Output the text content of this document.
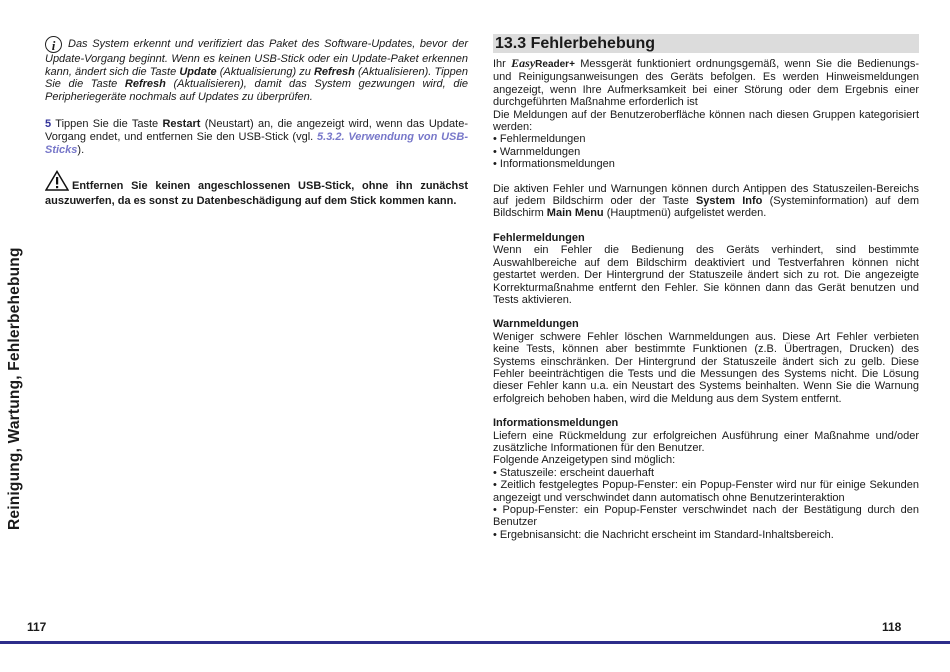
Reinigung, Wartung, Fehlerbehebung
i Das System erkennt und verifiziert das Paket des Software-Updates, bevor der Update-Vorgang beginnt. Wenn es keinen USB-Stick oder ein Update-Paket erkennen kann, ändert sich die Taste Update (Aktualisierung) zu Refresh (Aktualisieren). Tippen Sie die Taste Refresh (Aktualisieren), damit das System gezwungen wird, die Peripheriegeräte nochmals auf Updates zu überprüfen.
5 Tippen Sie die Taste Restart (Neustart) an, die angezeigt wird, wenn das Update-Vorgang endet, und entfernen Sie den USB-Stick (vgl. 5.3.2. Verwendung von USB-Sticks).
Entfernen Sie keinen angeschlossenen USB-Stick, ohne ihn zunächst auszuwerfen, da es sonst zu Datenbeschädigung auf dem Stick kommen kann.
13.3 Fehlerbehebung
Ihr EasyReader+ Messgerät funktioniert ordnungsgemäß, wenn Sie die Bedienungs- und Reinigungsanweisungen des Geräts befolgen. Es werden Hinweismeldungen angezeigt, wenn Ihre Aufmerksamkeit bei einer Störung oder dem Ergebnis einer durchgeführten Maßnahme erforderlich ist
Die Meldungen auf der Benutzeroberfläche können nach diesen Gruppen kategorisiert werden:
• Fehlermeldungen
• Warnmeldungen
• Informationsmeldungen
Die aktiven Fehler und Warnungen können durch Antippen des Statuszeilen-Bereichs auf jedem Bildschirm oder der Taste System Info (Systeminformation) auf dem Bildschirm Main Menu (Hauptmenü) aufgelistet werden.
Fehlermeldungen
Wenn ein Fehler die Bedienung des Geräts verhindert, sind bestimmte Auswahlbereiche auf dem Bildschirm deaktiviert und Testverfahren können nicht gestartet werden. Der Hintergrund der Statuszeile ändert sich zu rot. Die angezeigte Korrekturmaßnahme entfernt den Fehler. Sie können dann das Gerät benutzen und Tests aktivieren.
Warnmeldungen
Weniger schwere Fehler löschen Warnmeldungen aus. Diese Art Fehler verbieten keine Tests, können aber bestimmte Funktionen (z.B. Übertragen, Drucken) des Systems einschränken. Der Hintergrund der Statuszeile ändert sich zu gelb. Diese Fehler beeinträchtigen die Tests und die Messungen des Systems nicht. Die Lösung dieser Fehler kann u.a. ein Neustart des Systems beinhalten. Wenn Sie die Warnung erfolgreich behoben haben, wird die Meldung aus dem System entfernt.
Informationsmeldungen
Liefern eine Rückmeldung zur erfolgreichen Ausführung einer Maßnahme und/oder zusätzliche Informationen für den Benutzer.
Folgende Anzeigetypen sind möglich:
• Statuszeile: erscheint dauerhaft
• Zeitlich festgelegtes Popup-Fenster: ein Popup-Fenster wird nur für einige Sekunden angezeigt und verschwindet dann automatisch ohne Benutzerinteraktion
• Popup-Fenster: ein Popup-Fenster verschwindet nach der Bestätigung durch den Benutzer
• Ergebnisansicht: die Nachricht erscheint im Standard-Inhaltsbereich.
117	118
